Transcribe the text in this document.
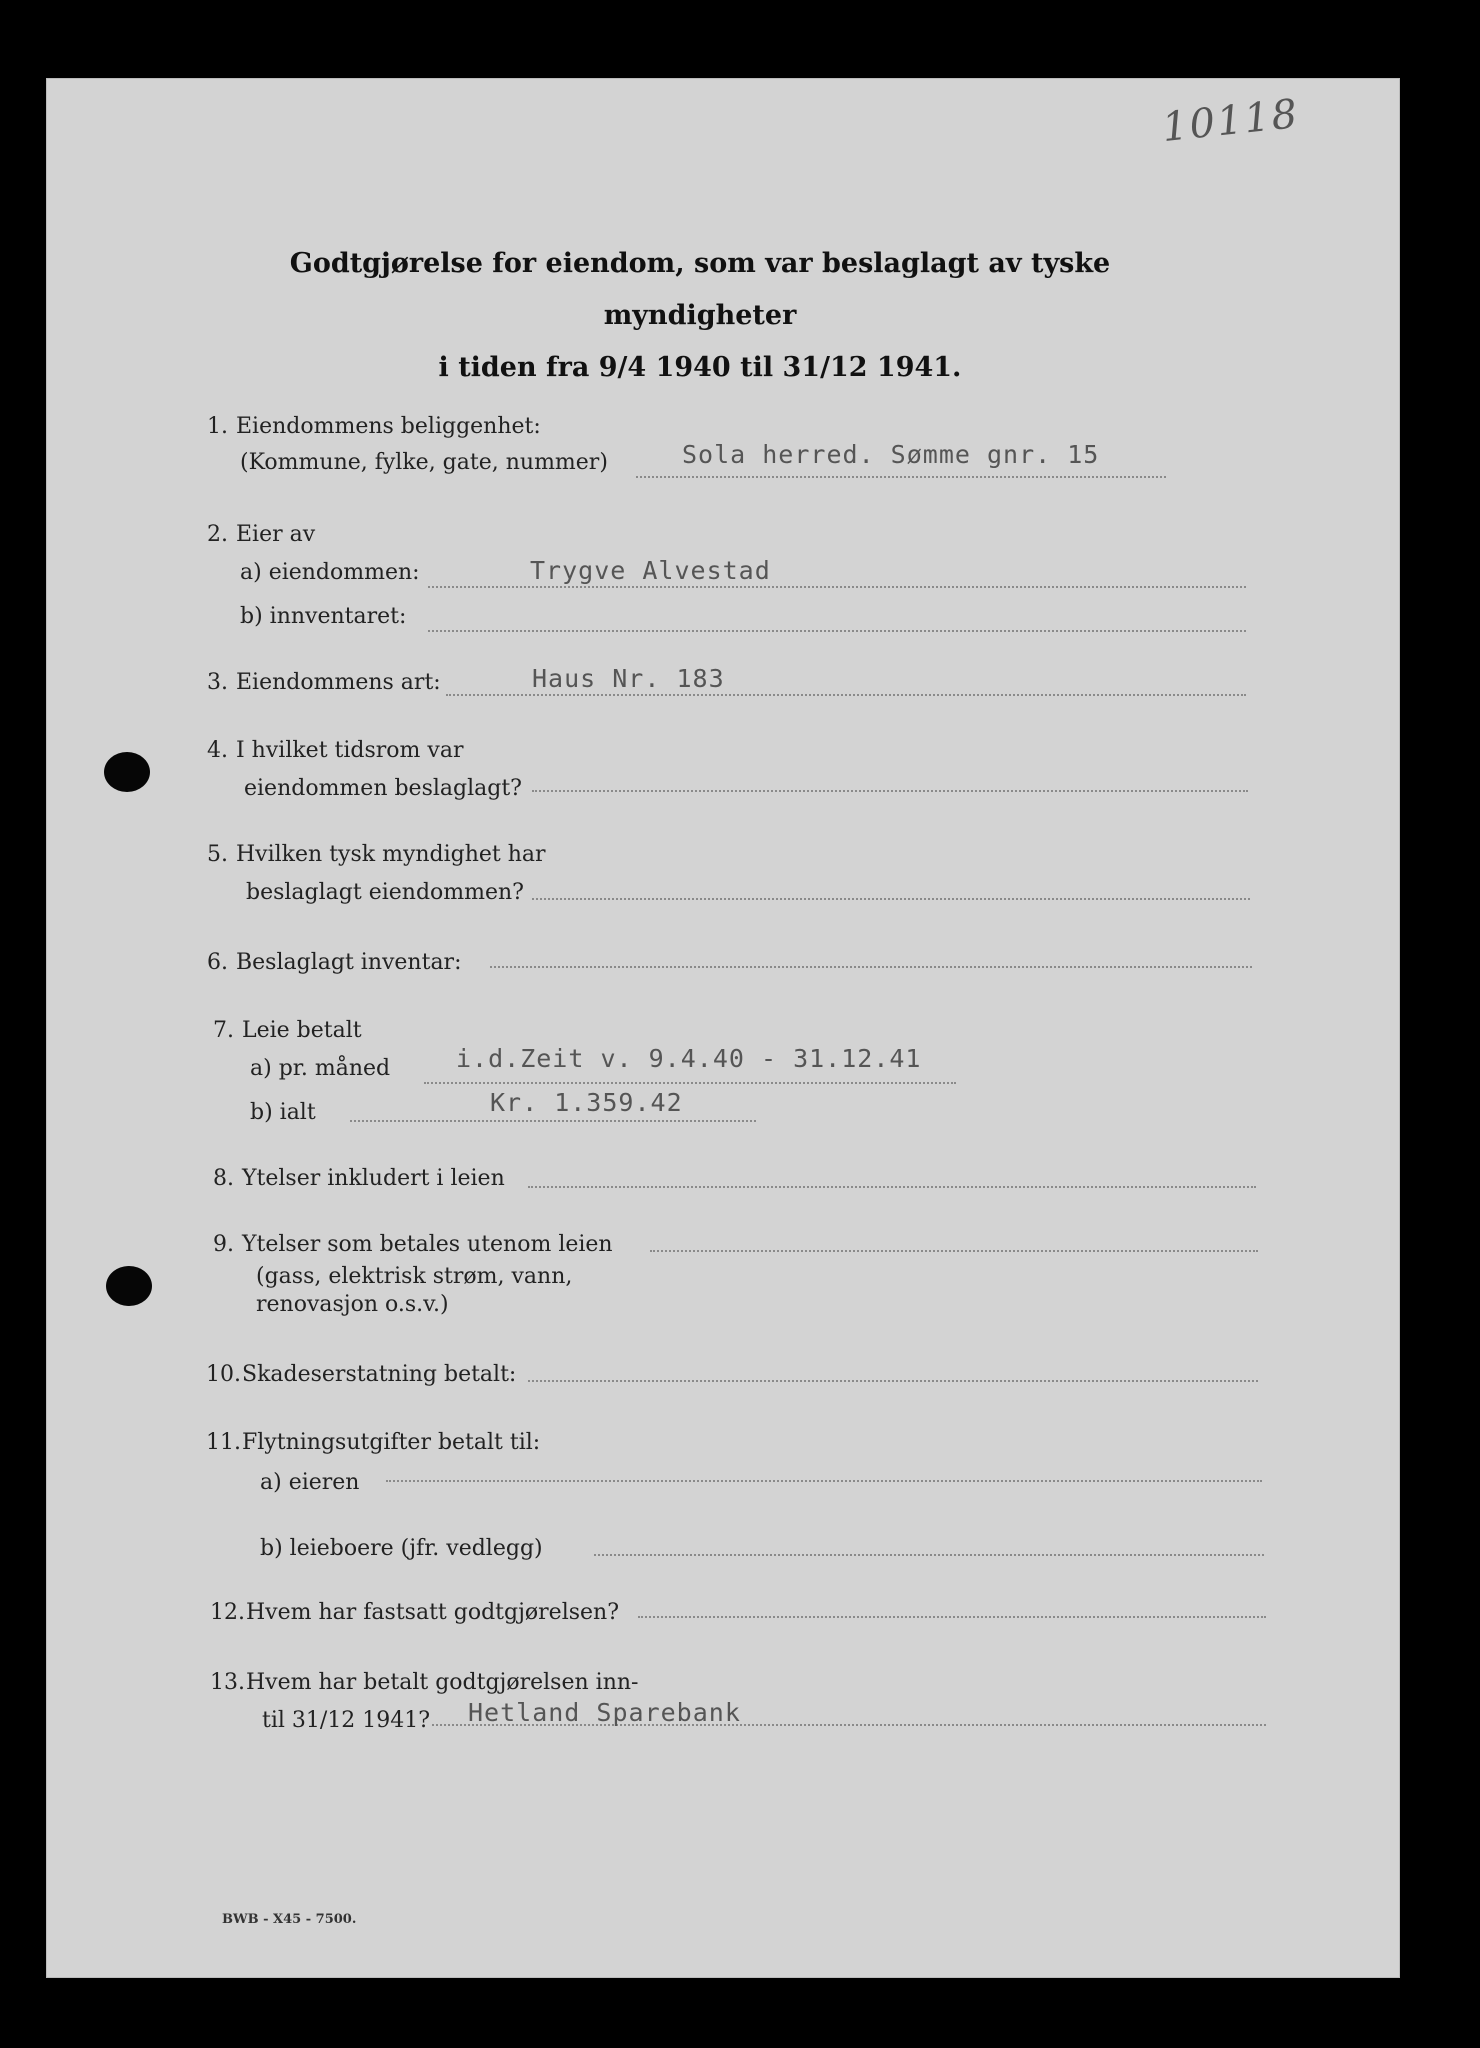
10118
Godtgjørelse for eiendom, som var beslaglagt av tyske myndigheter
i tiden fra 9/4 1940 til 31/12 1941.
1. Eiendommens beliggenhet:
(Kommune, fylke, gate, nummer)	Sola herred. Sømme gnr. 15
2. Eier av
a) eiendommen:	Trygve Alvestad
b) innventaret:
3. Eiendommens art:	Haus Nr. 183
4. I hvilket tidsrom var
eiendommen beslaglagt?
5. Hvilken tysk myndighet har
beslaglagt eiendommen?
6. Beslaglagt inventar:
7. Leie betalt
a) pr. måned	i.d.Zeit v. 9.4.40 - 31.12.41
b) ialt	Kr. 1.359.42
8. Ytelser inkludert i leien
9. Ytelser som betales utenom leien
(gass, elektrisk strøm, vann,
renovasjon o.s.v.)
10.Skadeserstatning betalt:
11.Flytningsutgifter betalt til:
a) eieren
b) leieboere (jfr. vedlegg)
12.Hvem har fastsatt godtgjørelsen?
13.Hvem har betalt godtgjørelsen inn-
til 31/12 1941? Hetland Sparebank
BWB - X45 - 7500.
